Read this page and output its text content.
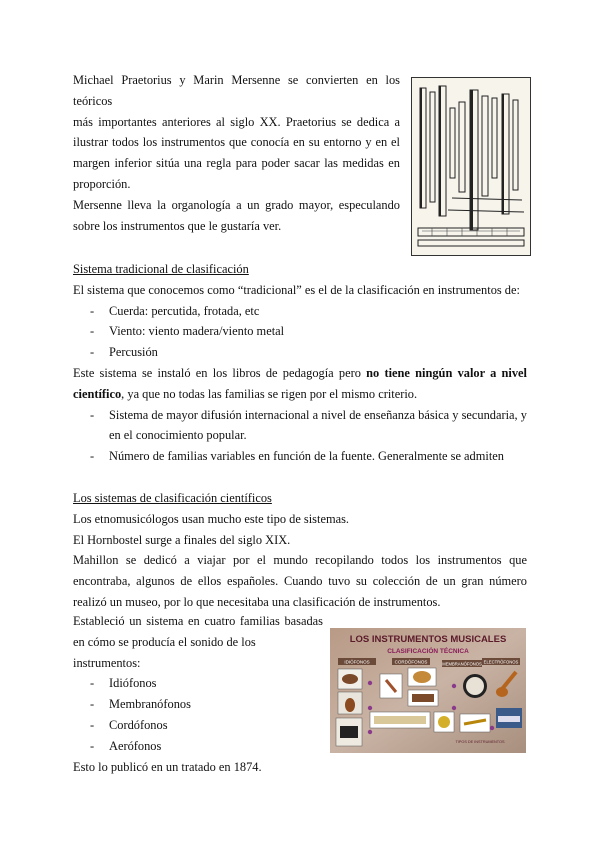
Michael Praetorius y Marin Mersenne se convierten en los teóricos

más importantes anteriores al siglo XX. Praetorius se dedica a

ilustrar todos los instrumentos que conocía en su entorno y en el

margen inferior sitúa una regla para poder sacar las medidas en

proporción.

Mersenne lleva la organología a un grado mayor, especulando

sobre los instrumentos que le gustaría ver.

Sistema tradicional de clasificación

El sistema que conocemos como “tradicional” es el de la clasificación en instrumentos de:

- Cuerda: percutida, frotada, etc
- Viento: viento madera/viento metal
- Percusión

Este sistema se instaló en los libros de pedagogía pero no tiene ningún valor a nivel científico, ya que no todas las familias se rigen por el mismo criterio.

- Sistema de mayor difusión internacional a nivel de enseñanza básica y secundaria, y en el conocimiento popular.
- Número de familias variables en función de la fuente. Generalmente se admiten

Los sistemas de clasificación científicos

Los etnomusicólogos usan mucho este tipo de sistemas.

El Hornbostel surge a finales del siglo XIX.

Mahillon se dedicó a viajar por el mundo recopilando todos los instrumentos que encontraba, algunos de ellos españoles. Cuando tuvo su colección de un gran número realizó un museo, por lo que necesitaba una clasificación de instrumentos.

Estableció un sistema en cuatro familias basadas

en cómo se producía el sonido de los instrumentos:

- Idiófonos
- Membranófonos
- Cordófonos
- Aerófonos

Esto lo publicó en un tratado en 1874.

LOS INSTRUMENTOS MUSICALES
CLASIFICACIÓN TÉCNICA
IDIÓFONOS	CORDÓFONOS	MEMBRANÓFONOS ELECTRÓFONOS
TIPOS DE INSTRUMENTOS
